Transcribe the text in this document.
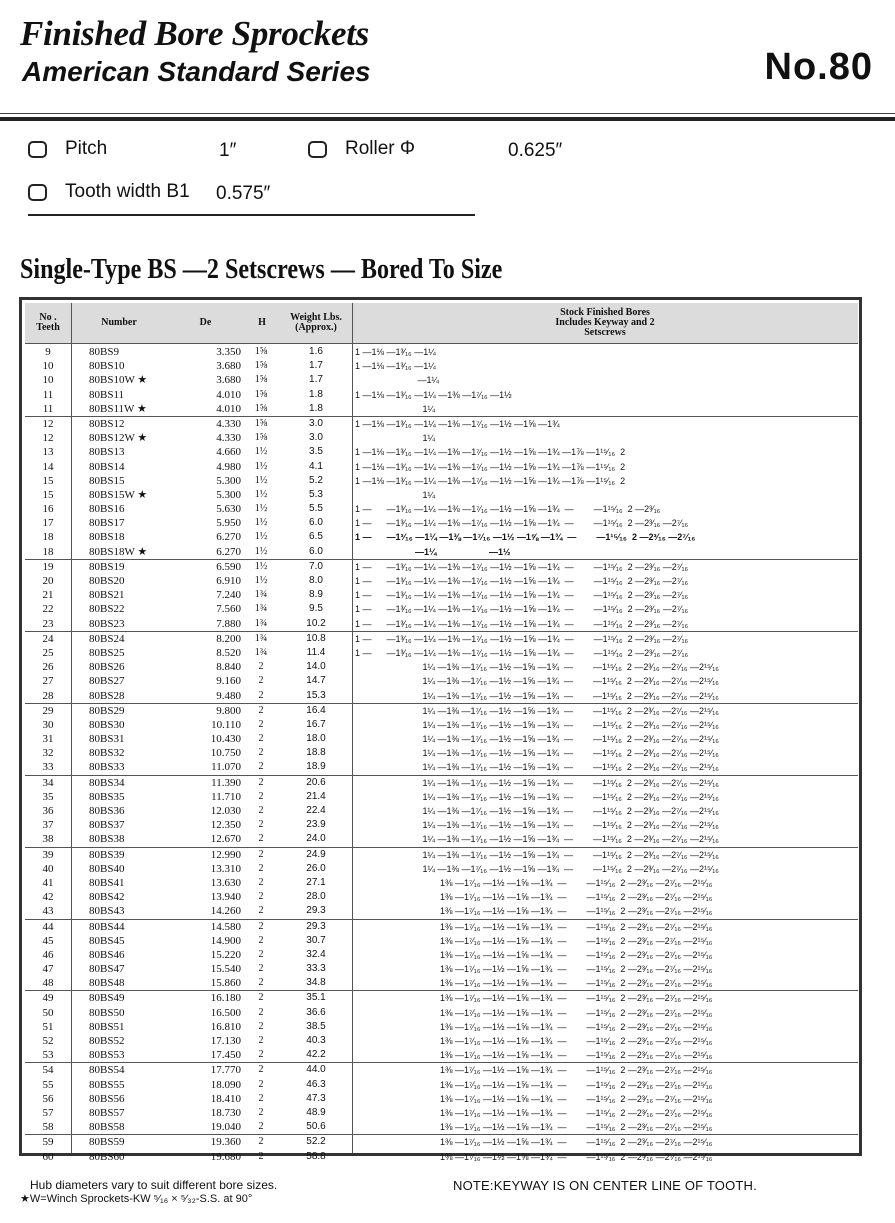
Finished Bore Sprockets
American Standard Series	No.80
Pitch	1″	Roller Φ	0.625″
Tooth width B1 0.575″
Single-Type BS —2 Setscrews — Bored To Size
No . Teeth	Number	De	H	Weight Lbs. (Approx.)
Stock Finished Bores Includes Keyway and 2 Setscrews
9	80BS9	3.350	1⅝	1.6	1 —1⅛ —1³⁄₁₆ —1¼
10	80BS10	3.680	1⅝	1.7	1 —1⅛ —1³⁄₁₆ —1¼
10	80BS10W ★	3.680	1⅝	1.7	—1¼
11	80BS11	4.010	1⅝	1.8	1 —1⅛ —1³⁄₁₆ —1¼ —1⅜ —1⁷⁄₁₆ —1½
11	80BS11W ★	4.010	1⅝	1.8	1¼
12	80BS12	4.330	1⅝	3.0	1 —1⅛ —1³⁄₁₆ —1¼ —1⅜ —1⁷⁄₁₆ —1½ —1⅝ —1¾
12	80BS12W ★	4.330	1⅝	3.0	1¼
13	80BS13	4.660	1½	3.5	1 —1⅛ —1³⁄₁₆ —1¼ —1⅜ —1⁷⁄₁₆ —1½ —1⅝ —1¾ —1⅞ —1¹⁵⁄₁₆  2
14	80BS14	4.980	1½	4.1	1 —1⅛ —1³⁄₁₆ —1¼ —1⅜ —1⁷⁄₁₆ —1½ —1⅝ —1¾ —1⅞ —1¹⁵⁄₁₆  2
15	80BS15	5.300	1½	5.2	1 —1⅛ —1³⁄₁₆ —1¼ —1⅜ —1⁷⁄₁₆ —1½ —1⅝ —1¾ —1⅞ —1¹⁵⁄₁₆  2
15	80BS15W ★	5.300	1½	5.3	1¼
16	80BS16	5.630	1½	5.5	1 —      —1³⁄₁₆ —1¼ —1⅜ —1⁷⁄₁₆ —1½ —1⅝ —1¾  —        —1¹⁵⁄₁₆  2 —2³⁄₁₆
17	80BS17	5.950	1½	6.0	1 —      —1³⁄₁₆ —1¼ —1⅜ —1⁷⁄₁₆ —1½ —1⅝ —1¾  —        —1¹⁵⁄₁₆  2 —2³⁄₁₆ —2⁷⁄₁₆
18	80BS18	6.270	1½	6.5	1 —      —1³⁄₁₆ —1¼ —1⅜ —1⁷⁄₁₆ —1½ —1⅝ —1¾  —        —1¹⁵⁄₁₆  2 —2³⁄₁₆ —2⁷⁄₁₆
18	80BS18W ★	6.270	1½	6.0	—1¼                     —1½
19	80BS19	6.590	1½	7.0	1 —      —1³⁄₁₆ —1¼ —1⅜ —1⁷⁄₁₆ —1½ —1⅝ —1¾  —        —1¹⁵⁄₁₆  2 —2³⁄₁₆ —2⁷⁄₁₆
20	80BS20	6.910	1½	8.0	1 —      —1³⁄₁₆ —1¼ —1⅜ —1⁷⁄₁₆ —1½ —1⅝ —1¾  —        —1¹⁵⁄₁₆  2 —2³⁄₁₆ —2⁷⁄₁₆
21	80BS21	7.240	1¾	8.9	1 —      —1³⁄₁₆ —1¼ —1⅜ —1⁷⁄₁₆ —1½ —1⅝ —1¾  —        —1¹⁵⁄₁₆  2 —2³⁄₁₆ —2⁷⁄₁₆
22	80BS22	7.560	1¾	9.5	1 —      —1³⁄₁₆ —1¼ —1⅜ —1⁷⁄₁₆ —1½ —1⅝ —1¾  —        —1¹⁵⁄₁₆  2 —2³⁄₁₆ —2⁷⁄₁₆
23	80BS23	7.880	1¾	10.2	1 —      —1³⁄₁₆ —1¼ —1⅜ —1⁷⁄₁₆ —1½ —1⅝ —1¾  —        —1¹⁵⁄₁₆  2 —2³⁄₁₆ —2⁷⁄₁₆
24	80BS24	8.200	1¾	10.8	1 —      —1³⁄₁₆ —1¼ —1⅜ —1⁷⁄₁₆ —1½ —1⅝ —1¾  —        —1¹⁵⁄₁₆  2 —2³⁄₁₆ —2⁷⁄₁₆
25	80BS25	8.520	1¾	11.4	1 —      —1³⁄₁₆ —1¼ —1⅜ —1⁷⁄₁₆ —1½ —1⅝ —1¾  —        —1¹⁵⁄₁₆  2 —2³⁄₁₆ —2⁷⁄₁₆
26	80BS26	8.840	2	14.0	1¼ —1⅜ —1⁷⁄₁₆ —1½ —1⅝ —1¾  —        —1¹⁵⁄₁₆  2 —2³⁄₁₆ —2⁷⁄₁₆ —2¹⁵⁄₁₆
27	80BS27	9.160	2	14.7	1¼ —1⅜ —1⁷⁄₁₆ —1½ —1⅝ —1¾  —        —1¹⁵⁄₁₆  2 —2³⁄₁₆ —2⁷⁄₁₆ —2¹⁵⁄₁₆
28	80BS28	9.480	2	15.3	1¼ —1⅜ —1⁷⁄₁₆ —1½ —1⅝ —1¾  —        —1¹⁵⁄₁₆  2 —2³⁄₁₆ —2⁷⁄₁₆ —2¹⁵⁄₁₆
29	80BS29	9.800	2	16.4	1¼ —1⅜ —1⁷⁄₁₆ —1½ —1⅝ —1¾  —        —1¹⁵⁄₁₆  2 —2³⁄₁₆ —2⁷⁄₁₆ —2¹⁵⁄₁₆
30	80BS30	10.110	2	16.7	1¼ —1⅜ —1⁷⁄₁₆ —1½ —1⅝ —1¾  —        —1¹⁵⁄₁₆  2 —2³⁄₁₆ —2⁷⁄₁₆ —2¹⁵⁄₁₆
31	80BS31	10.430	2	18.0	1¼ —1⅜ —1⁷⁄₁₆ —1½ —1⅝ —1¾  —        —1¹⁵⁄₁₆  2 —2³⁄₁₆ —2⁷⁄₁₆ —2¹⁵⁄₁₆
32	80BS32	10.750	2	18.8	1¼ —1⅜ —1⁷⁄₁₆ —1½ —1⅝ —1¾  —        —1¹⁵⁄₁₆  2 —2³⁄₁₆ —2⁷⁄₁₆ —2¹⁵⁄₁₆
33	80BS33	11.070	2	18.9	1¼ —1⅜ —1⁷⁄₁₆ —1½ —1⅝ —1¾  —        —1¹⁵⁄₁₆  2 —2³⁄₁₆ —2⁷⁄₁₆ —2¹⁵⁄₁₆
34	80BS34	11.390	2	20.6	1¼ —1⅜ —1⁷⁄₁₆ —1½ —1⅝ —1¾  —        —1¹⁵⁄₁₆  2 —2³⁄₁₆ —2⁷⁄₁₆ —2¹⁵⁄₁₆
35	80BS35	11.710	2	21.4	1¼ —1⅜ —1⁷⁄₁₆ —1½ —1⅝ —1¾  —        —1¹⁵⁄₁₆  2 —2³⁄₁₆ —2⁷⁄₁₆ —2¹⁵⁄₁₆
36	80BS36	12.030	2	22.4	1¼ —1⅜ —1⁷⁄₁₆ —1½ —1⅝ —1¾  —        —1¹⁵⁄₁₆  2 —2³⁄₁₆ —2⁷⁄₁₆ —2¹⁵⁄₁₆
37	80BS37	12.350	2	23.9	1¼ —1⅜ —1⁷⁄₁₆ —1½ —1⅝ —1¾  —        —1¹⁵⁄₁₆  2 —2³⁄₁₆ —2⁷⁄₁₆ —2¹⁵⁄₁₆
38	80BS38	12.670	2	24.0	1¼ —1⅜ —1⁷⁄₁₆ —1½ —1⅝ —1¾  —        —1¹⁵⁄₁₆  2 —2³⁄₁₆ —2⁷⁄₁₆ —2¹⁵⁄₁₆
39	80BS39	12.990	2	24.9	1¼ —1⅜ —1⁷⁄₁₆ —1½ —1⅝ —1¾  —        —1¹⁵⁄₁₆  2 —2³⁄₁₆ —2⁷⁄₁₆ —2¹⁵⁄₁₆
40	80BS40	13.310	2	26.0	1¼ —1⅜ —1⁷⁄₁₆ —1½ —1⅝ —1¾  —        —1¹⁵⁄₁₆  2 —2³⁄₁₆ —2⁷⁄₁₆ —2¹⁵⁄₁₆
41	80BS41	13.630	2	27.1	1⅜ —1⁷⁄₁₆ —1½ —1⅝ —1¾  —        —1¹⁵⁄₁₆  2 —2³⁄₁₆ —2⁷⁄₁₆ —2¹⁵⁄₁₆
42	80BS42	13.940	2	28.0	1⅜ —1⁷⁄₁₆ —1½ —1⅝ —1¾  —        —1¹⁵⁄₁₆  2 —2³⁄₁₆ —2⁷⁄₁₆ —2¹⁵⁄₁₆
43	80BS43	14.260	2	29.3	1⅜ —1⁷⁄₁₆ —1½ —1⅝ —1¾  —        —1¹⁵⁄₁₆  2 —2³⁄₁₆ —2⁷⁄₁₆ —2¹⁵⁄₁₆
44	80BS44	14.580	2	29.3	1⅜ —1⁷⁄₁₆ —1½ —1⅝ —1¾  —        —1¹⁵⁄₁₆  2 —2³⁄₁₆ —2⁷⁄₁₆ —2¹⁵⁄₁₆
45	80BS45	14.900	2	30.7	1⅜ —1⁷⁄₁₆ —1½ —1⅝ —1¾  —        —1¹⁵⁄₁₆  2 —2³⁄₁₆ —2⁷⁄₁₆ —2¹⁵⁄₁₆
46	80BS46	15.220	2	32.4	1⅜ —1⁷⁄₁₆ —1½ —1⅝ —1¾  —        —1¹⁵⁄₁₆  2 —2³⁄₁₆ —2⁷⁄₁₆ —2¹⁵⁄₁₆
47	80BS47	15.540	2	33.3	1⅜ —1⁷⁄₁₆ —1½ —1⅝ —1¾  —        —1¹⁵⁄₁₆  2 —2³⁄₁₆ —2⁷⁄₁₆ —2¹⁵⁄₁₆
48	80BS48	15.860	2	34.8	1⅜ —1⁷⁄₁₆ —1½ —1⅝ —1¾  —        —1¹⁵⁄₁₆  2 —2³⁄₁₆ —2⁷⁄₁₆ —2¹⁵⁄₁₆
49	80BS49	16.180	2	35.1	1⅜ —1⁷⁄₁₆ —1½ —1⅝ —1¾  —        —1¹⁵⁄₁₆  2 —2³⁄₁₆ —2⁷⁄₁₆ —2¹⁵⁄₁₆
50	80BS50	16.500	2	36.6	1⅜ —1⁷⁄₁₆ —1½ —1⅝ —1¾  —        —1¹⁵⁄₁₆  2 —2³⁄₁₆ —2⁷⁄₁₆ —2¹⁵⁄₁₆
51	80BS51	16.810	2	38.5	1⅜ —1⁷⁄₁₆ —1½ —1⅝ —1¾  —        —1¹⁵⁄₁₆  2 —2³⁄₁₆ —2⁷⁄₁₆ —2¹⁵⁄₁₆
52	80BS52	17.130	2	40.3	1⅜ —1⁷⁄₁₆ —1½ —1⅝ —1¾  —        —1¹⁵⁄₁₆  2 —2³⁄₁₆ —2⁷⁄₁₆ —2¹⁵⁄₁₆
53	80BS53	17.450	2	42.2	1⅜ —1⁷⁄₁₆ —1½ —1⅝ —1¾  —        —1¹⁵⁄₁₆  2 —2³⁄₁₆ —2⁷⁄₁₆ —2¹⁵⁄₁₆
54	80BS54	17.770	2	44.0	1⅜ —1⁷⁄₁₆ —1½ —1⅝ —1¾  —        —1¹⁵⁄₁₆  2 —2³⁄₁₆ —2⁷⁄₁₆ —2¹⁵⁄₁₆
55	80BS55	18.090	2	46.3	1⅜ —1⁷⁄₁₆ —1½ —1⅝ —1¾  —        —1¹⁵⁄₁₆  2 —2³⁄₁₆ —2⁷⁄₁₆ —2¹⁵⁄₁₆
56	80BS56	18.410	2	47.3	1⅜ —1⁷⁄₁₆ —1½ —1⅝ —1¾  —        —1¹⁵⁄₁₆  2 —2³⁄₁₆ —2⁷⁄₁₆ —2¹⁵⁄₁₆
57	80BS57	18.730	2	48.9	1⅜ —1⁷⁄₁₆ —1½ —1⅝ —1¾  —        —1¹⁵⁄₁₆  2 —2³⁄₁₆ —2⁷⁄₁₆ —2¹⁵⁄₁₆
58	80BS58	19.040	2	50.6	1⅜ —1⁷⁄₁₆ —1½ —1⅝ —1¾  —        —1¹⁵⁄₁₆  2 —2³⁄₁₆ —2⁷⁄₁₆ —2¹⁵⁄₁₆
59	80BS59	19.360	2	52.2	1⅜ —1⁷⁄₁₆ —1½ —1⅝ —1¾  —        —1¹⁵⁄₁₆  2 —2³⁄₁₆ —2⁷⁄₁₆ —2¹⁵⁄₁₆
60	80BS60	19.680	2	58.8	1⅜ —1⁷⁄₁₆ —1½ —1⅝ —1¾  —        —1¹⁵⁄₁₆  2 —2³⁄₁₆ —2⁷⁄₁₆ —2¹⁵⁄₁₆
Hub diameters vary to suit different bore sizes.
★W=Winch Sprockets-KW ⁵⁄₁₆ × ⁵⁄₃₂-S.S. at 90°
NOTE:KEYWAY IS ON CENTER LINE OF TOOTH.
